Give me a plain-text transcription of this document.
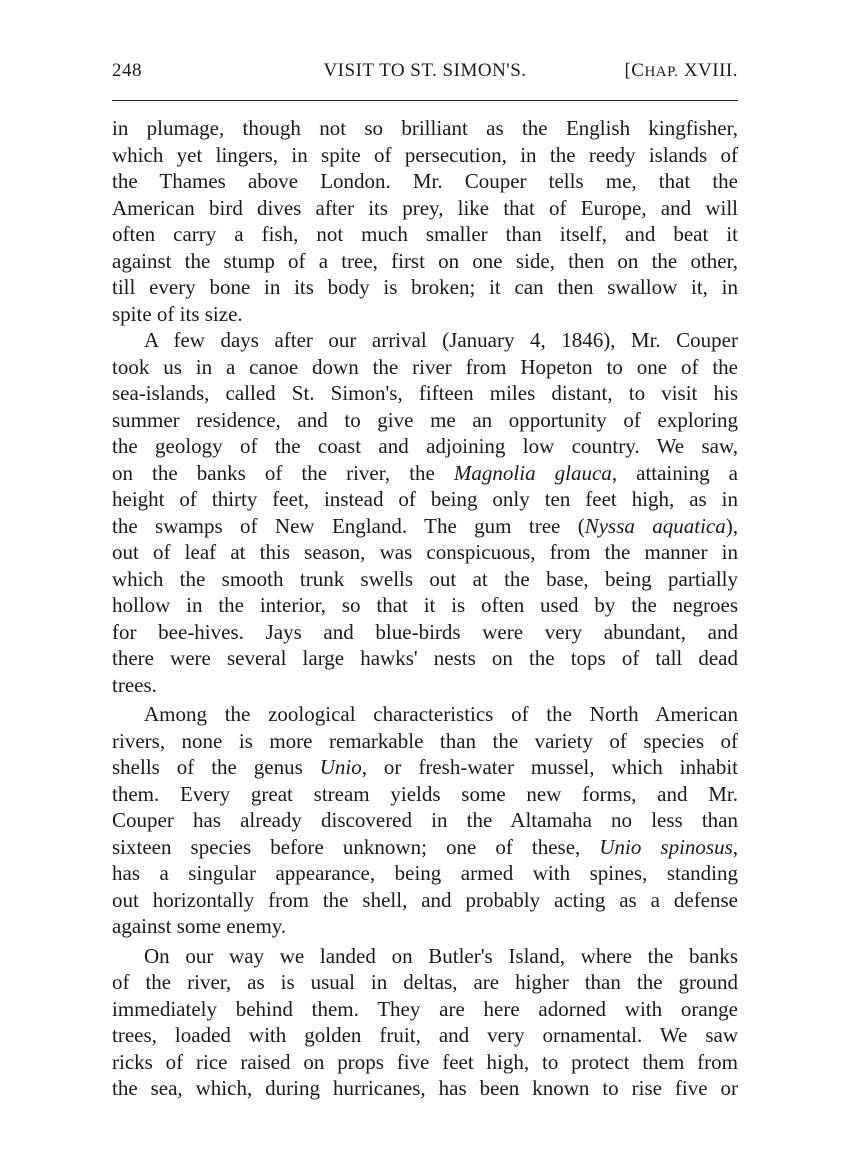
248	VISIT TO ST. SIMON'S.	[CHAP. XVIII.
in plumage, though not so brilliant as the English kingfisher,
which yet lingers, in spite of persecution, in the reedy islands of
the Thames above London. Mr. Couper tells me, that the
American bird dives after its prey, like that of Europe, and will
often carry a fish, not much smaller than itself, and beat it
against the stump of a tree, first on one side, then on the other,
till every bone in its body is broken; it can then swallow it, in
spite of its size.
A few days after our arrival (January 4, 1846), Mr. Couper
took us in a canoe down the river from Hopeton to one of the
sea-islands, called St. Simon's, fifteen miles distant, to visit his
summer residence, and to give me an opportunity of exploring
the geology of the coast and adjoining low country. We saw,
on the banks of the river, the Magnolia glauca, attaining a
height of thirty feet, instead of being only ten feet high, as in
the swamps of New England. The gum tree (Nyssa aquatica),
out of leaf at this season, was conspicuous, from the manner in
which the smooth trunk swells out at the base, being partially
hollow in the interior, so that it is often used by the negroes
for bee-hives. Jays and blue-birds were very abundant, and
there were several large hawks' nests on the tops of tall dead
trees.
Among the zoological characteristics of the North American
rivers, none is more remarkable than the variety of species of
shells of the genus Unio, or fresh-water mussel, which inhabit
them. Every great stream yields some new forms, and Mr.
Couper has already discovered in the Altamaha no less than
sixteen species before unknown; one of these, Unio spinosus,
has a singular appearance, being armed with spines, standing
out horizontally from the shell, and probably acting as a defense
against some enemy.
On our way we landed on Butler's Island, where the banks
of the river, as is usual in deltas, are higher than the ground
immediately behind them. They are here adorned with orange
trees, loaded with golden fruit, and very ornamental. We saw
ricks of rice raised on props five feet high, to protect them from
the sea, which, during hurricanes, has been known to rise five or
